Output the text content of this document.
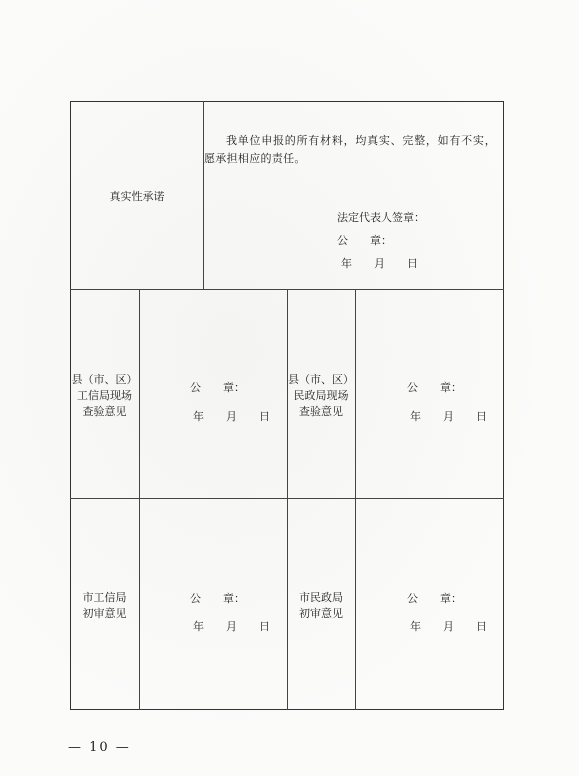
真实性承诺
我单位申报的所有材料，均真实、完整，如有不实，愿承担相应的责任。
法定代表人签章：
公　　章：
年　　月　　日
县（市、区）
工信局现场
查验意见
公　　章：
年　　月　　日
县（市、区）
民政局现场
查验意见
公　　章：
年　　月　　日
市工信局
初审意见
公　　章：
年　　月　　日
市民政局
初审意见
公　　章：
年　　月　　日
— 10 —
